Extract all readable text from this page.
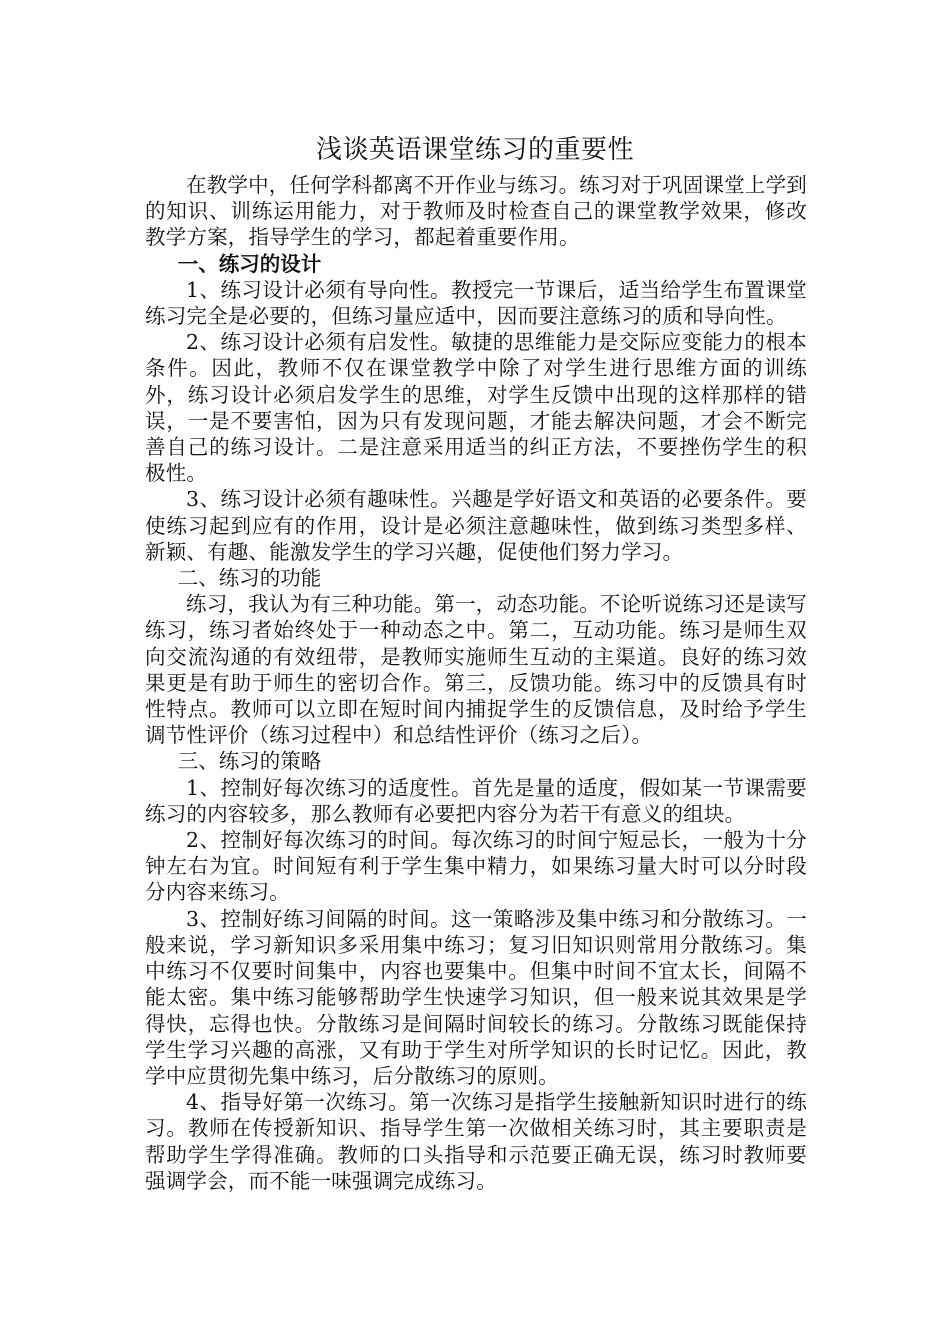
浅谈英语课堂练习的重要性

在教学中，任何学科都离不开作业与练习。练习对于巩固课堂上学到的知识、训练运用能力，对于教师及时检查自己的课堂教学效果，修改教学方案，指导学生的学习，都起着重要作用。

一、练习的设计

1、练习设计必须有导向性。教授完一节课后，适当给学生布置课堂练习完全是必要的，但练习量应适中，因而要注意练习的质和导向性。

2、练习设计必须有启发性。敏捷的思维能力是交际应变能力的根本条件。因此，教师不仅在课堂教学中除了对学生进行思维方面的训练外，练习设计必须启发学生的思维，对学生反馈中出现的这样那样的错误，一是不要害怕，因为只有发现问题，才能去解决问题，才会不断完善自己的练习设计。二是注意采用适当的纠正方法，不要挫伤学生的积极性。

3、练习设计必须有趣味性。兴趣是学好语文和英语的必要条件。要使练习起到应有的作用，设计是必须注意趣味性，做到练习类型多样、新颖、有趣、能激发学生的学习兴趣，促使他们努力学习。

二、练习的功能

练习，我认为有三种功能。第一，动态功能。不论听说练习还是读写练习，练习者始终处于一种动态之中。第二，互动功能。练习是师生双向交流沟通的有效纽带，是教师实施师生互动的主渠道。良好的练习效果更是有助于师生的密切合作。第三，反馈功能。练习中的反馈具有时性特点。教师可以立即在短时间内捕捉学生的反馈信息，及时给予学生调节性评价（练习过程中）和总结性评价（练习之后）。

三、练习的策略

1、控制好每次练习的适度性。首先是量的适度，假如某一节课需要练习的内容较多，那么教师有必要把内容分为若干有意义的组块。

2、控制好每次练习的时间。每次练习的时间宁短忌长，一般为十分钟左右为宜。时间短有利于学生集中精力，如果练习量大时可以分时段分内容来练习。

3、控制好练习间隔的时间。这一策略涉及集中练习和分散练习。一般来说，学习新知识多采用集中练习；复习旧知识则常用分散练习。集中练习不仅要时间集中，内容也要集中。但集中时间不宜太长，间隔不能太密。集中练习能够帮助学生快速学习知识，但一般来说其效果是学得快，忘得也快。分散练习是间隔时间较长的练习。分散练习既能保持学生学习兴趣的高涨，又有助于学生对所学知识的长时记忆。因此，教学中应贯彻先集中练习，后分散练习的原则。

4、指导好第一次练习。第一次练习是指学生接触新知识时进行的练习。教师在传授新知识、指导学生第一次做相关练习时，其主要职责是帮助学生学得准确。教师的口头指导和示范要正确无误，练习时教师要强调学会，而不能一味强调完成练习。
